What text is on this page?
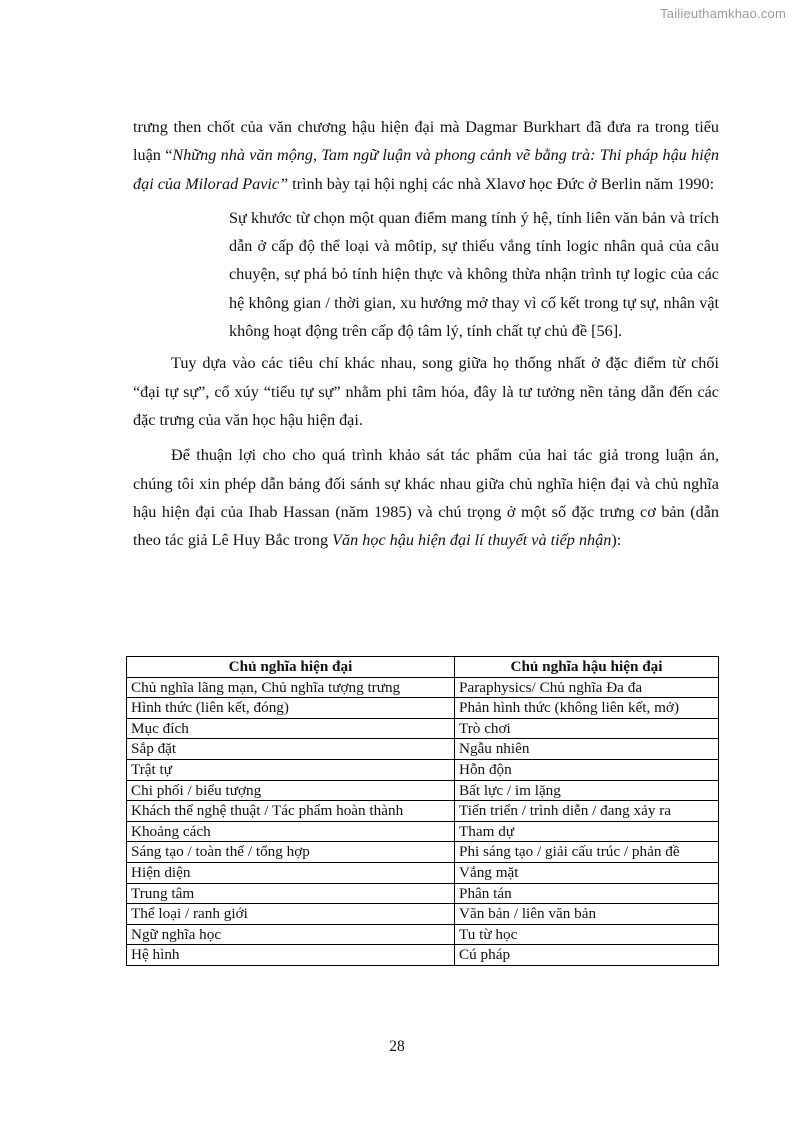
Tailieuthamkhao.com

trưng then chốt của văn chương hậu hiện đại mà Dagmar Burkhart đã đưa ra trong tiểu luận “Những nhà văn mộng, Tam ngữ luận và phong cảnh vẽ bằng trà: Thi pháp hậu hiện đại của Milorad Pavic” trình bày tại hội nghị các nhà Xlavơ học Đức ở Berlin năm 1990:

Sự khước từ chọn một quan điểm mang tính ý hệ, tính liên văn bản và trích dẫn ở cấp độ thể loại và môtip, sự thiếu vắng tính logic nhân quả của câu chuyện, sự phá bỏ tính hiện thực và không thừa nhận trình tự logic của các hệ không gian / thời gian, xu hướng mở thay vì cố kết trong tự sự, nhân vật không hoạt động trên cấp độ tâm lý, tính chất tự chủ đề [56].

Tuy dựa vào các tiêu chí khác nhau, song giữa họ thống nhất ở đặc điểm từ chối “đại tự sự”, cổ xúy “tiểu tự sự” nhằm phi tâm hóa, đây là tư tưởng nền tảng dẫn đến các đặc trưng của văn học hậu hiện đại.

Để thuận lợi cho cho quá trình khảo sát tác phẩm của hai tác giả trong luận án, chúng tôi xin phép dẫn bảng đối sánh sự khác nhau giữa chủ nghĩa hiện đại và chủ nghĩa hậu hiện đại của Ihab Hassan (năm 1985) và chú trọng ở một số đặc trưng cơ bản (dẫn theo tác giả Lê Huy Bắc trong Văn học hậu hiện đại lí thuyết và tiếp nhận):

Chủ nghĩa hiện đại	Chủ nghĩa hậu hiện đại
Chủ nghĩa lãng mạn, Chủ nghĩa tượng trưng	Paraphysics/ Chủ nghĩa Đa đa
Hình thức (liên kết, đóng)	Phản hình thức (không liên kết, mở)
Mục đích	Trò chơi
Sắp đặt	Ngẫu nhiên
Trật tự	Hỗn độn
Chi phối / biểu tượng	Bất lực / im lặng
Khách thể nghệ thuật / Tác phẩm hoàn thành	Tiến triển / trình diễn / đang xảy ra
Khoảng cách	Tham dự
Sáng tạo / toàn thể / tổng hợp	Phi sáng tạo / giải cấu trúc / phản đề
Hiện diện	Vắng mặt
Trung tâm	Phân tán
Thể loại / ranh giới	Văn bản / liên văn bản
Ngữ nghĩa học	Tu từ học
Hệ hình	Cú pháp
28
